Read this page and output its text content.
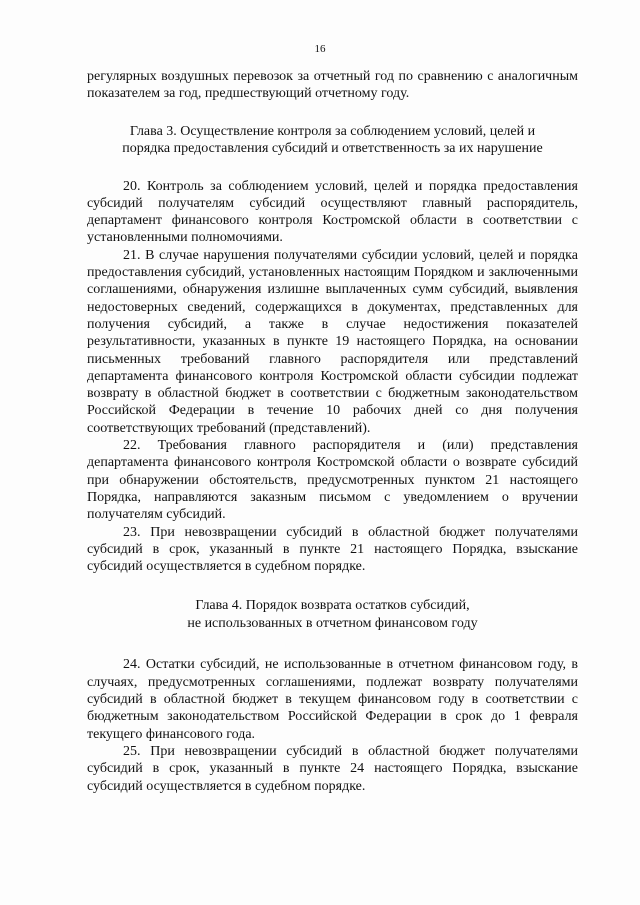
16

регулярных воздушных перевозок за отчетный год по сравнению с аналогичным показателем за год, предшествующий отчетному году.

Глава 3. Осуществление контроля за соблюдением условий, целей и

порядка предоставления субсидий и ответственность за их нарушение

20. Контроль за соблюдением условий, целей и порядка предоставления субсидий получателям субсидий осуществляют главный распорядитель, департамент финансового контроля Костромской области в соответствии с установленными полномочиями.

21. В случае нарушения получателями субсидии условий, целей и порядка предоставления субсидий, установленных настоящим Порядком и заключенными соглашениями, обнаружения излишне выплаченных сумм субсидий, выявления недостоверных сведений, содержащихся в документах, представленных для получения субсидий, а также в случае недостижения показателей результативности, указанных в пункте 19 настоящего Порядка, на основании письменных требований главного распорядителя или представлений департамента финансового контроля Костромской области субсидии подлежат возврату в областной бюджет в соответствии с бюджетным законодательством Российской Федерации в течение 10 рабочих дней со дня получения соответствующих требований (представлений).

22. Требования главного распорядителя и (или) представления департамента финансового контроля Костромской области о возврате субсидий при обнаружении обстоятельств, предусмотренных пунктом 21 настоящего Порядка, направляются заказным письмом с уведомлением о вручении получателям субсидий.

23. При невозвращении субсидий в областной бюджет получателями субсидий в срок, указанный в пункте 21 настоящего Порядка, взыскание субсидий осуществляется в судебном порядке.

Глава 4. Порядок возврата остатков субсидий,

не использованных в отчетном финансовом году

24. Остатки субсидий, не использованные в отчетном финансовом году, в случаях, предусмотренных соглашениями, подлежат возврату получателями субсидий в областной бюджет в текущем финансовом году в соответствии с бюджетным законодательством Российской Федерации в срок до 1 февраля текущего финансового года.

25. При невозвращении субсидий в областной бюджет получателями субсидий в срок, указанный в пункте 24 настоящего Порядка, взыскание субсидий осуществляется в судебном порядке.
